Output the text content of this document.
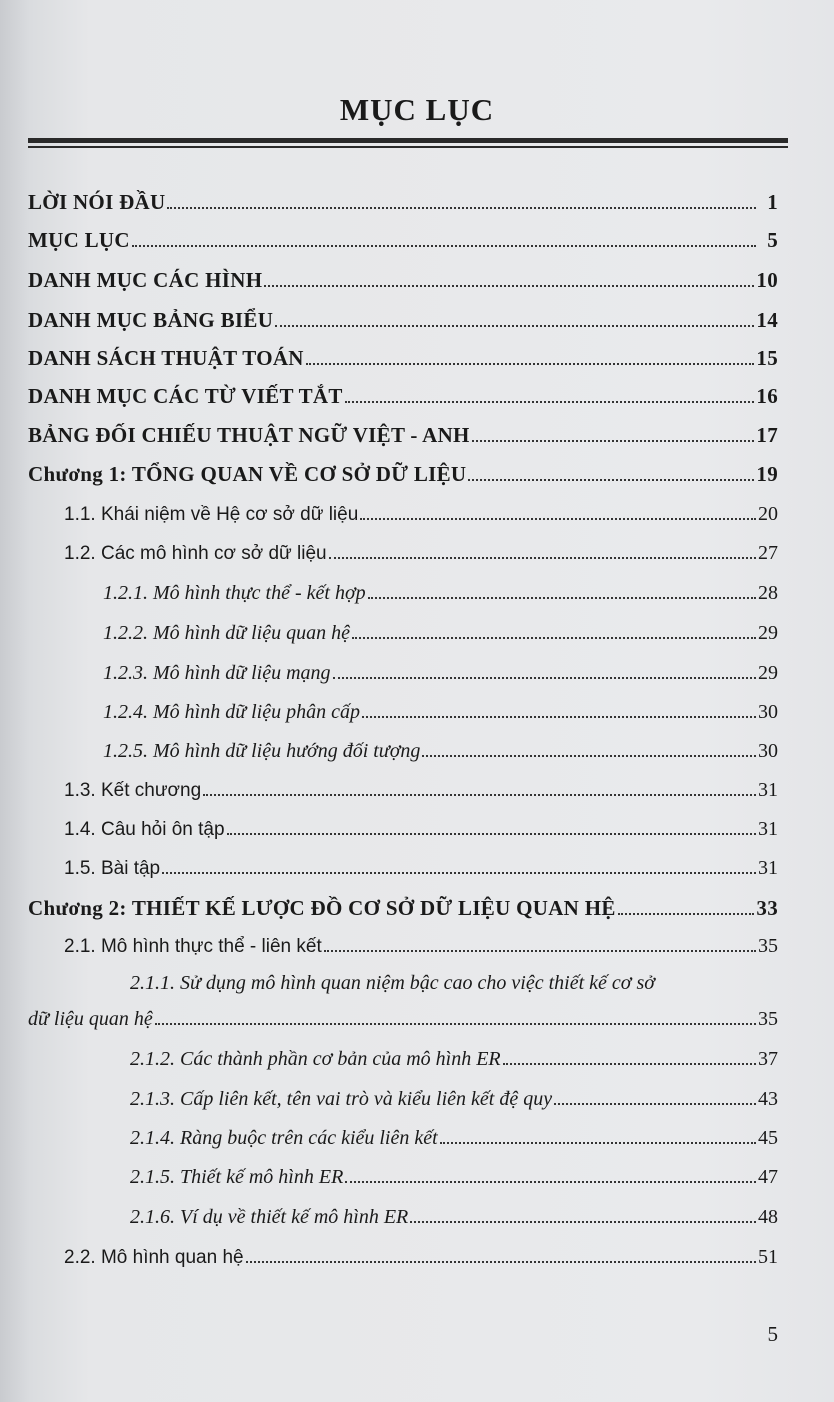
MỤC LỤC
LỜI NÓI ĐẦU	1
MỤC LỤC	5
DANH MỤC CÁC HÌNH	10
DANH MỤC BẢNG BIỂU	14
DANH SÁCH THUẬT TOÁN	15
DANH MỤC CÁC TỪ VIẾT TẮT	16
BẢNG ĐỐI CHIẾU THUẬT NGỮ VIỆT - ANH	17
Chương 1: TỔNG QUAN VỀ CƠ SỞ DỮ LIỆU	19
1.1. Khái niệm về Hệ cơ sở dữ liệu	20
1.2. Các mô hình cơ sở dữ liệu	27
1.2.1. Mô hình thực thể - kết hợp	28
1.2.2. Mô hình dữ liệu quan hệ	29
1.2.3. Mô hình dữ liệu mạng	29
1.2.4. Mô hình dữ liệu phân cấp	30
1.2.5. Mô hình dữ liệu hướng đối tượng	30
1.3. Kết chương	31
1.4. Câu hỏi ôn tập	31
1.5. Bài tập	31
Chương 2: THIẾT KẾ LƯỢC ĐỒ CƠ SỞ DỮ LIỆU QUAN HỆ	33
2.1. Mô hình thực thể - liên kết	35
2.1.1. Sử dụng mô hình quan niệm bậc cao cho việc thiết kế cơ sở
dữ liệu quan hệ	35
2.1.2. Các thành phần cơ bản của mô hình ER	37
2.1.3. Cấp liên kết, tên vai trò và kiểu liên kết đệ quy	43
2.1.4. Ràng buộc trên các kiểu liên kết	45
2.1.5. Thiết kế mô hình ER	47
2.1.6. Ví dụ về thiết kế mô hình ER	48
2.2. Mô hình quan hệ	51
5
